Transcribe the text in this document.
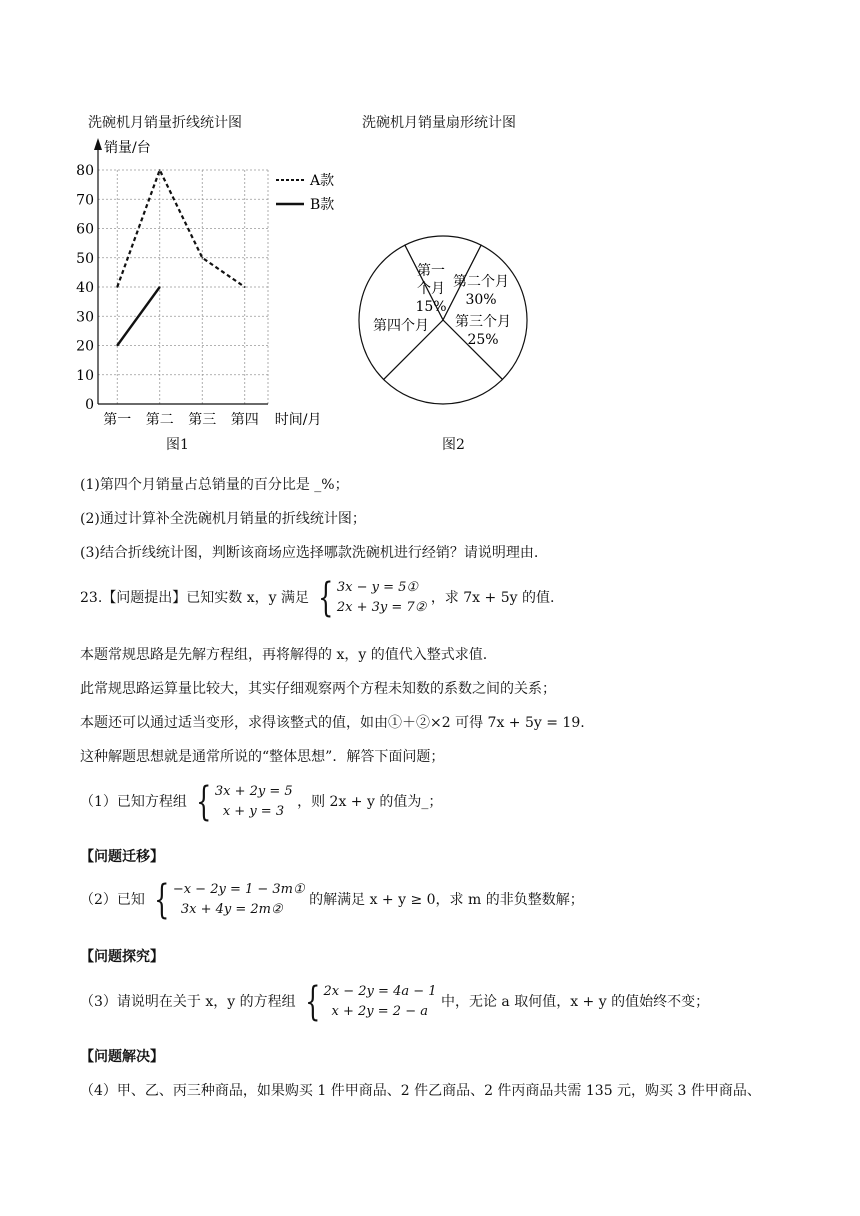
洗碗机月销量折线统计图
0
10
20
30
40
50
60
70
80
销量/台
第一 第二 第三 第四 时间/月
A款
B款
图1
洗碗机月销量扇形统计图
第一
个月
15%
第二个月
30%
第三个月
25%
第四个月
图2
(1)第四个月销量占总销量的百分比是 _%；
(2)通过计算补全洗碗机月销量的折线统计图；
(3)结合折线统计图，判断该商场应选择哪款洗碗机进行经销？请说明理由.
23.【问题提出】已知实数 x，y 满足 { 3x − y = 5①
2x + 3y = 7②
，求 7x + 5y 的值.
本题常规思路是先解方程组，再将解得的 x，y 的值代入整式求值.
此常规思路运算量比较大，其实仔细观察两个方程未知数的系数之间的关系；
本题还可以通过适当变形，求得该整式的值，如由①＋②×2 可得 7x + 5y = 19.
这种解题思想就是通常所说的“整体思想”．解答下面问题；
（1）已知方程组 { 3x + 2y = 5
x + y = 3
，则 2x + y 的值为_；
【问题迁移】
（2）已知 { −x − 2y = 1 − 3m①
3x + 4y = 2m②
的解满足 x + y ≥ 0，求 m 的非负整数解；
【问题探究】
（3）请说明在关于 x，y 的方程组 { 2x − 2y = 4a − 1
x + 2y = 2 − a
中，无论 a 取何值，x + y 的值始终不变；
【问题解决】
（4）甲、乙、丙三种商品，如果购买 1 件甲商品、2 件乙商品、2 件丙商品共需 135 元，购买 3 件甲商品、
